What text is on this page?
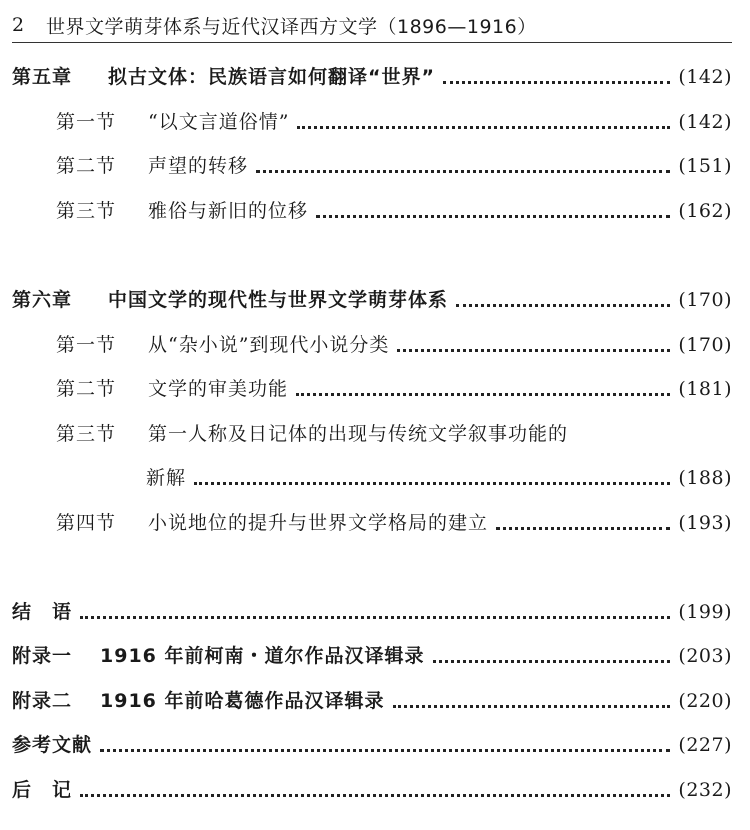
2	世界文学萌芽体系与近代汉译西方文学（1896—1916）
第五章 拟古文体：民族语言如何翻译“世界”	(142)
第一节 “以文言道俗情”	(142)
第二节 声望的转移	(151)
第三节 雅俗与新旧的位移	(162)
第六章 中国文学的现代性与世界文学萌芽体系	(170)
第一节 从“杂小说”到现代小说分类	(170)
第二节 文学的审美功能	(181)
第三节 第一人称及日记体的出现与传统文学叙事功能的
新解	(188)
第四节 小说地位的提升与世界文学格局的建立	(193)
结　语	(199)
附录一 1916 年前柯南・道尔作品汉译辑录	(203)
附录二 1916 年前哈葛德作品汉译辑录	(220)
参考文献	(227)
后　记	(232)
